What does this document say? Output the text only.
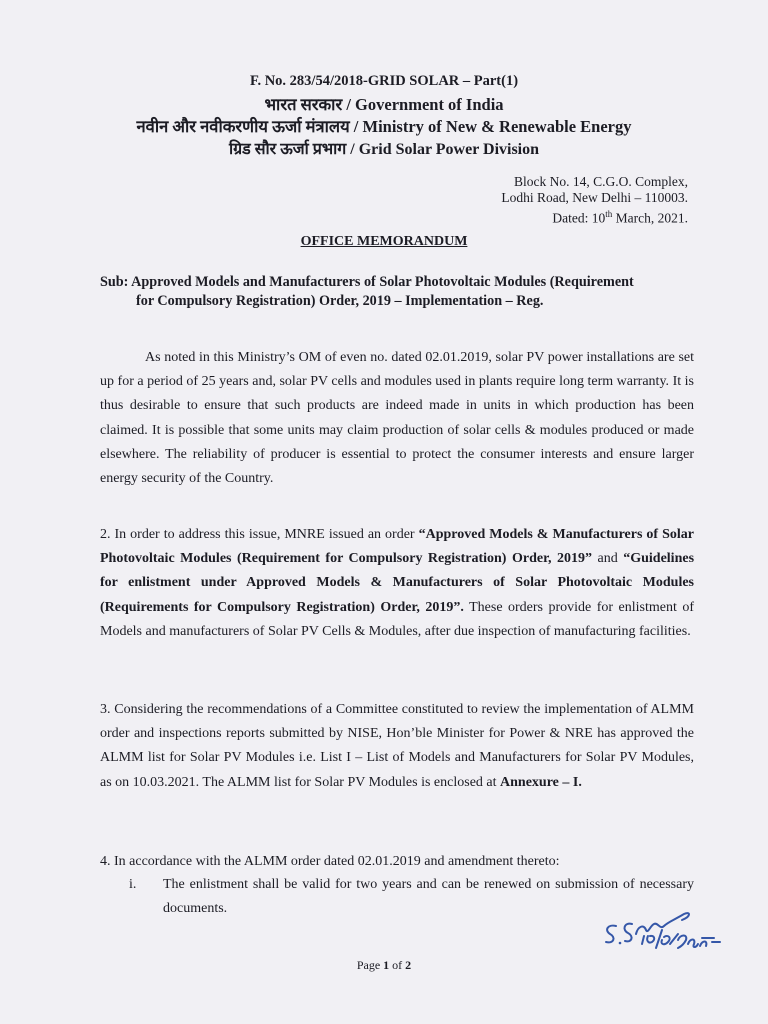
F. No. 283/54/2018-GRID SOLAR – Part(1)
भारत सरकार / Government of India
नवीन और नवीकरणीय ऊर्जा मंत्रालय / Ministry of New & Renewable Energy
ग्रिड सौर ऊर्जा प्रभाग / Grid Solar Power Division
Block No. 14, C.G.O. Complex,
Lodhi Road, New Delhi – 110003.
Dated: 10th March, 2021.
OFFICE MEMORANDUM
Sub: Approved Models and Manufacturers of Solar Photovoltaic Modules (Requirement
for Compulsory Registration) Order, 2019 – Implementation – Reg.

As noted in this Ministry’s OM of even no. dated 02.01.2019, solar PV power installations are set up for a period of 25 years and, solar PV cells and modules used in plants require long term warranty. It is thus desirable to ensure that such products are indeed made in units in which production has been claimed. It is possible that some units may claim production of solar cells & modules produced or made elsewhere. The reliability of producer is essential to protect the consumer interests and ensure larger energy security of the Country.

2. In order to address this issue, MNRE issued an order “Approved Models & Manufacturers of Solar Photovoltaic Modules (Requirement for Compulsory Registration) Order, 2019” and “Guidelines for enlistment under Approved Models & Manufacturers of Solar Photovoltaic Modules (Requirements for Compulsory Registration) Order, 2019”. These orders provide for enlistment of Models and manufacturers of Solar PV Cells & Modules, after due inspection of manufacturing facilities.

3. Considering the recommendations of a Committee constituted to review the implementation of ALMM order and inspections reports submitted by NISE, Hon’ble Minister for Power & NRE has approved the ALMM list for Solar PV Modules i.e. List I – List of Models and Manufacturers for Solar PV Modules, as on 10.03.2021. The ALMM list for Solar PV Modules is enclosed at Annexure – I.

4. In accordance with the ALMM order dated 02.01.2019 and amendment thereto:

i. The enlistment shall be valid for two years and can be renewed on submission of necessary documents.
Page 1 of 2
